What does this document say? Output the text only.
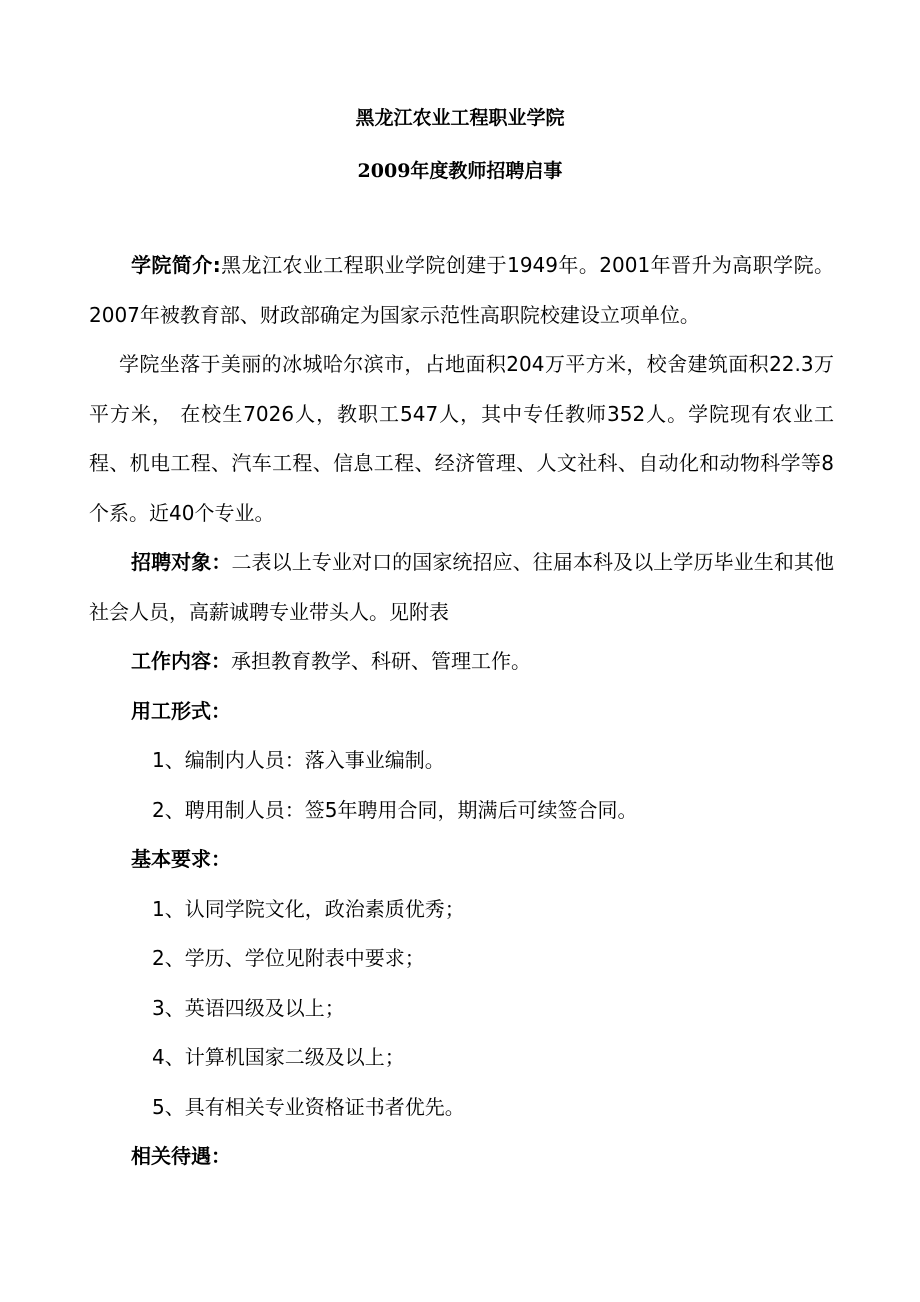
黑龙江农业工程职业学院
2009年度教师招聘启事

学院简介:黑龙江农业工程职业学院创建于1949年。2001年晋升为高职学院。 2007年被教育部、财政部确定为国家示范性高职院校建设立项单位。

学院坐落于美丽的冰城哈尔滨市，占地面积204万平方米，校舍建筑面积22.3万平方米， 在校生7026人，教职工547人，其中专任教师352人。学院现有农业工程、机电工程、汽车工程、信息工程、经济管理、人文社科、自动化和动物科学等8个系。近40个专业。

招聘对象：二表以上专业对口的国家统招应、往届本科及以上学历毕业生和其他社会人员，高薪诚聘专业带头人。见附表

工作内容：承担教育教学、科研、管理工作。

用工形式：

1、编制内人员：落入事业编制。

2、聘用制人员：签5年聘用合同，期满后可续签合同。

基本要求：

1、认同学院文化，政治素质优秀；

2、学历、学位见附表中要求；

3、英语四级及以上；

4、计算机国家二级及以上；

5、具有相关专业资格证书者优先。

相关待遇：
